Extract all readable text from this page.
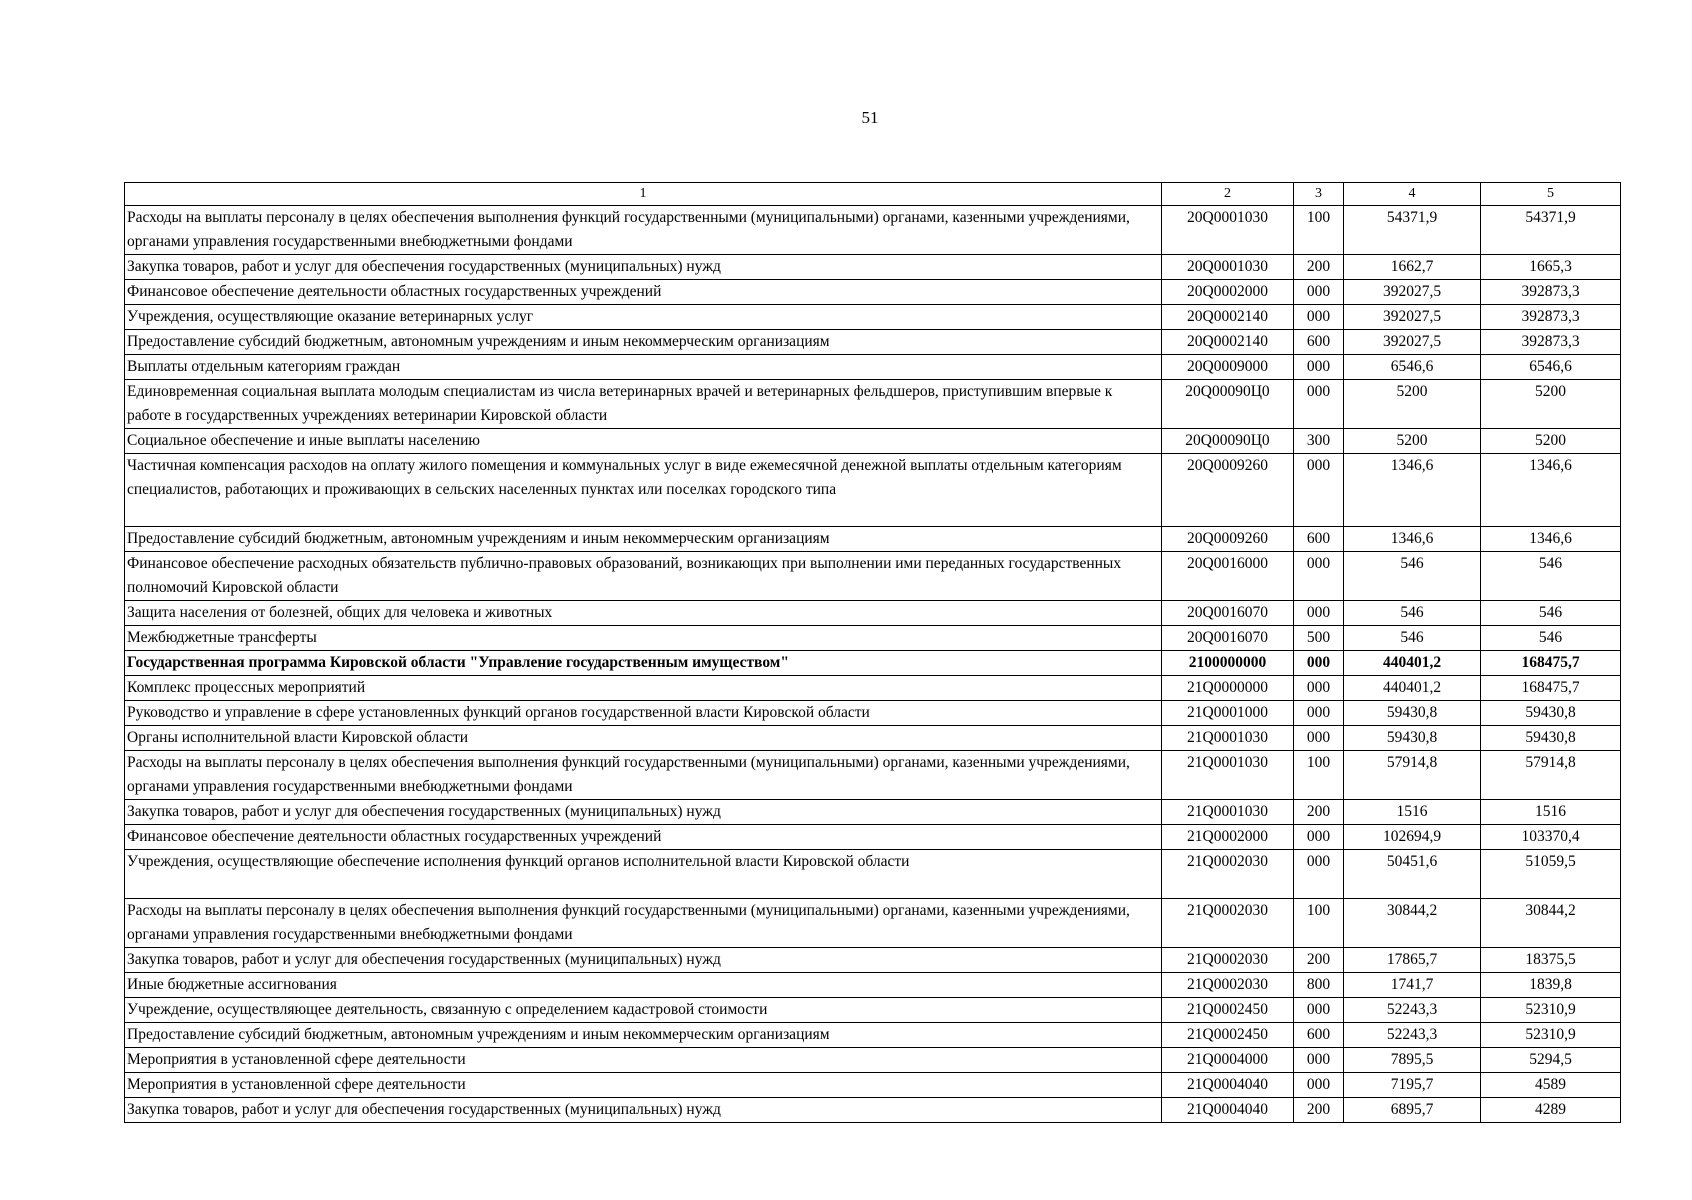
51
1	2	3	4	5
Расходы на выплаты персоналу в целях обеспечения выполнения функций государственными (муниципальными) органами, казенными учреждениями, органами управления государственными внебюджетными фондами	20Q0001030	100	54371,9	54371,9
Закупка товаров, работ и услуг для обеспечения государственных (муниципальных) нужд	20Q0001030	200	1662,7	1665,3
Финансовое обеспечение деятельности областных государственных учреждений	20Q0002000	000	392027,5	392873,3
Учреждения, осуществляющие оказание ветеринарных услуг	20Q0002140	000	392027,5	392873,3
Предоставление субсидий бюджетным, автономным учреждениям и иным некоммерческим организациям	20Q0002140	600	392027,5	392873,3
Выплаты отдельным категориям граждан	20Q0009000	000	6546,6	6546,6
Единовременная социальная выплата молодым специалистам из числа ветеринарных врачей и ветеринарных фельдшеров, приступившим впервые к работе в государственных учреждениях ветеринарии Кировской области	20Q00090Ц0	000	5200	5200
Социальное обеспечение и иные выплаты населению	20Q00090Ц0	300	5200	5200
Частичная компенсация расходов на оплату жилого помещения и коммунальных услуг в виде ежемесячной денежной выплаты отдельным категориям специалистов, работающих и проживающих в сельских населенных пунктах или поселках городского типа	20Q0009260	000	1346,6	1346,6
Предоставление субсидий бюджетным, автономным учреждениям и иным некоммерческим организациям	20Q0009260	600	1346,6	1346,6
Финансовое обеспечение расходных обязательств публично-правовых образований, возникающих при выполнении ими переданных государственных полномочий Кировской области	20Q0016000	000	546	546
Защита населения от болезней, общих для человека и животных	20Q0016070	000	546	546
Межбюджетные трансферты	20Q0016070	500	546	546
Государственная программа Кировской области "Управление государственным имуществом"	2100000000	000	440401,2	168475,7
Комплекс процессных мероприятий	21Q0000000	000	440401,2	168475,7
Руководство и управление в сфере установленных функций органов государственной власти Кировской области	21Q0001000	000	59430,8	59430,8
Органы исполнительной власти Кировской области	21Q0001030	000	59430,8	59430,8
Расходы на выплаты персоналу в целях обеспечения выполнения функций государственными (муниципальными) органами, казенными учреждениями, органами управления государственными внебюджетными фондами	21Q0001030	100	57914,8	57914,8
Закупка товаров, работ и услуг для обеспечения государственных (муниципальных) нужд	21Q0001030	200	1516	1516
Финансовое обеспечение деятельности областных государственных учреждений	21Q0002000	000	102694,9	103370,4
Учреждения, осуществляющие обеспечение исполнения функций органов исполнительной власти Кировской области	21Q0002030	000	50451,6	51059,5
Расходы на выплаты персоналу в целях обеспечения выполнения функций государственными (муниципальными) органами, казенными учреждениями, органами управления государственными внебюджетными фондами	21Q0002030	100	30844,2	30844,2
Закупка товаров, работ и услуг для обеспечения государственных (муниципальных) нужд	21Q0002030	200	17865,7	18375,5
Иные бюджетные ассигнования	21Q0002030	800	1741,7	1839,8
Учреждение, осуществляющее деятельность, связанную с определением кадастровой стоимости	21Q0002450	000	52243,3	52310,9
Предоставление субсидий бюджетным, автономным учреждениям и иным некоммерческим организациям	21Q0002450	600	52243,3	52310,9
Мероприятия в установленной сфере деятельности	21Q0004000	000	7895,5	5294,5
Мероприятия в установленной сфере деятельности	21Q0004040	000	7195,7	4589
Закупка товаров, работ и услуг для обеспечения государственных (муниципальных) нужд	21Q0004040	200	6895,7	4289
